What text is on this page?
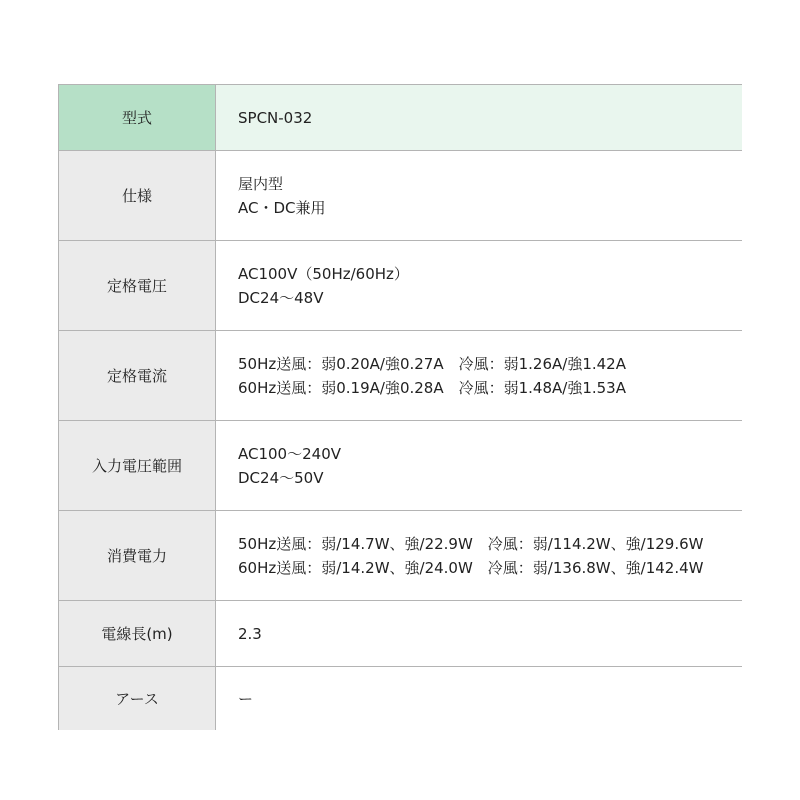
型式	SPCN-032

仕様	屋内型
AC・DC兼用

定格電圧	AC100V（50Hz/60Hz）
DC24～48V

定格電流	50Hz送風：弱0.20A/強0.27A　冷風：弱1.26A/強1.42A
60Hz送風：弱0.19A/強0.28A　冷風：弱1.48A/強1.53A

入力電圧範囲	AC100～240V
DC24～50V

消費電力	50Hz送風：弱/14.7W、強/22.9W　冷風：弱/114.2W、強/129.6W
60Hz送風：弱/14.2W、強/24.0W　冷風：弱/136.8W、強/142.4W

電線長(m)	2.3

アース	ー
